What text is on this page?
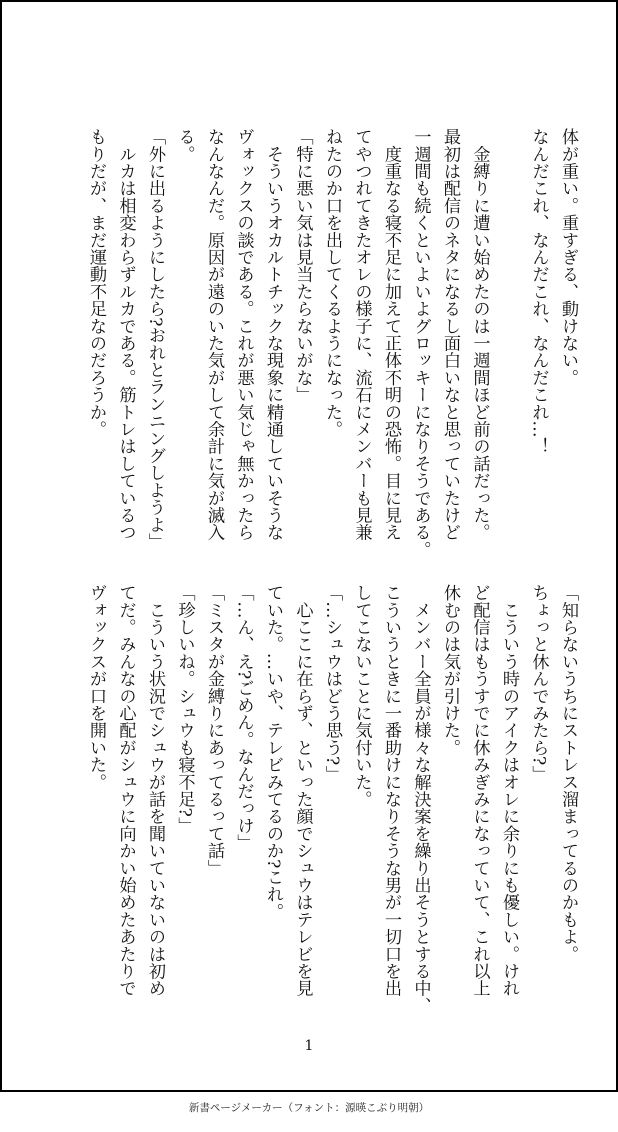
体が重い。重すぎる、動けない。
なんだこれ、なんだこれ、なんだこれ…！

　金縛りに遭い始めたのは一週間ほど前の話だった。
最初は配信のネタになるし面白いなと思っていたけど
一週間も続くといよいよグロッキーになりそうである。
　度重なる寝不足に加えて正体不明の恐怖。目に見え
てやつれてきたオレの様子に、流石にメンバーも見兼
ねたのか口を出してくるようになった。
「特に悪い気は見当たらないがな」
　そういうオカルトチックな現象に精通していそうな
ヴォックスの談である。これが悪い気じゃ無かったら
なんなんだ。原因が遠のいた気がして余計に気が滅入
る。
「外に出るようにしたら?おれとランニングしようよ」
　ルカは相変わらずルカである。筋トレはしているつ
もりだが、まだ運動不足なのだろうか。
「知らないうちにストレス溜まってるのかもよ。
ちょっと休んでみたら?」
　こういう時のアイクはオレに余りにも優しい。けれ
ど配信はもうすでに休みぎみになっていて、これ以上
休むのは気が引けた。
　メンバー全員が様々な解決案を繰り出そうとする中、
こういうときに一番助けになりそうな男が一切口を出
してこないことに気付いた。
「…シュウはどう思う?」
　心ここに在らず、といった顔でシュウはテレビを見
ていた。…いや、テレビみてるのか?これ。
「…ん、え?ごめん。なんだっけ」
「ミスタが金縛りにあってるって話」
「珍しいね。シュウも寝不足?」
　こういう状況でシュウが話を聞いていないのは初め
てだ。みんなの心配がシュウに向かい始めたあたりで
ヴォックスが口を開いた。
1
新書ページメーカー（フォント：源暎こぶり明朝）
